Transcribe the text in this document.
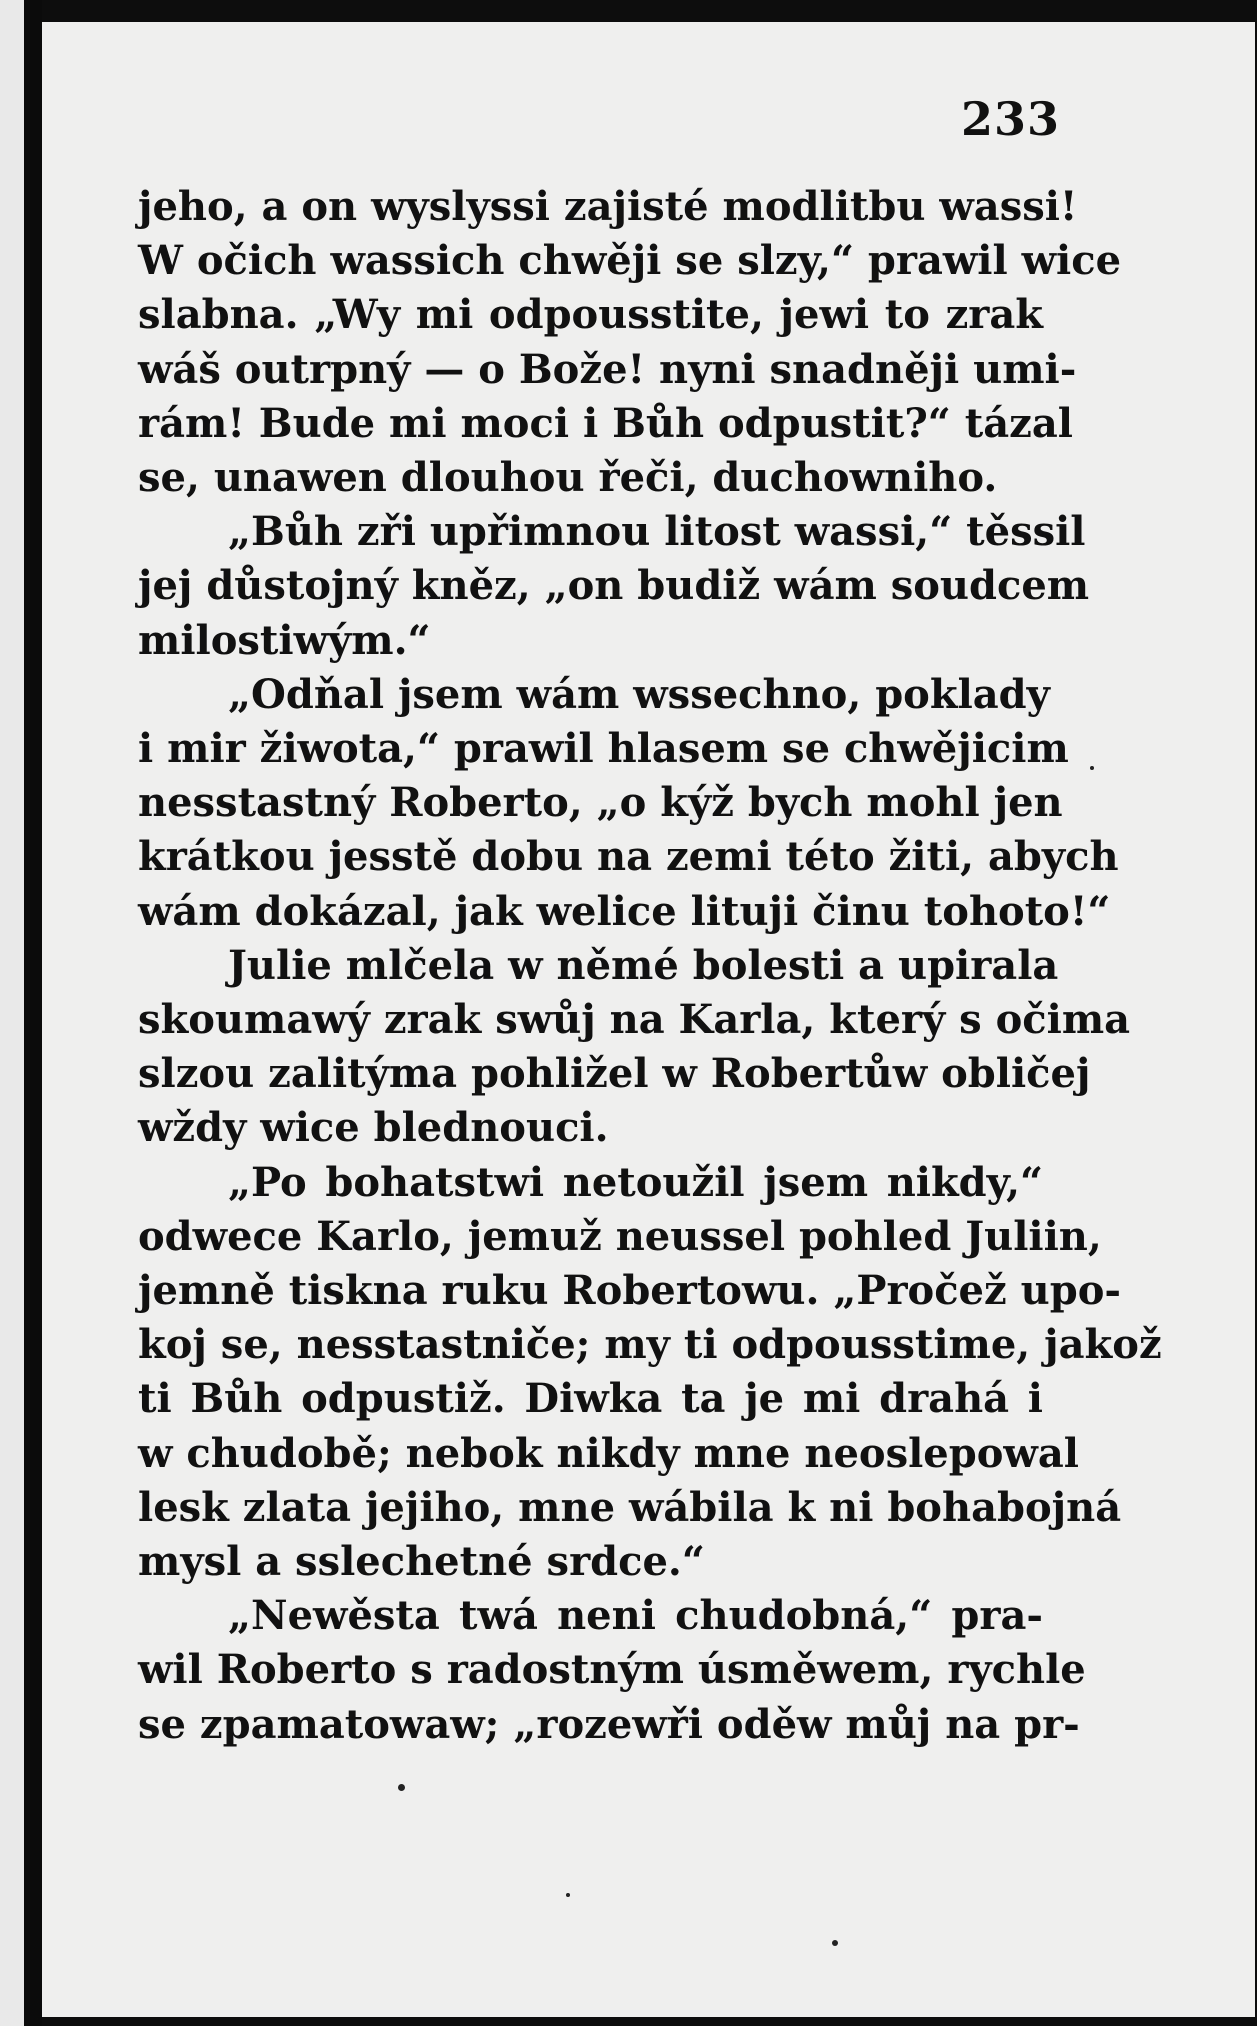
233
jeho, a on wyslyssi zajisté modlitbu wassi!
W očich wassich chwěji se slzy,“ prawil wice
slabna. „Wy mi odpousstite, jewi to zrak
wáš outrpný — o Bože! nyni snadněji umi-
rám! Bude mi moci i Bůh odpustit?“ tázal
se, unawen dlouhou řeči, duchowniho.
„Bůh zři upřimnou litost wassi,“ těssil
jej důstojný kněz, „on budiž wám soudcem
milostiwým.“
„Odňal jsem wám wssechno, poklady
i mir žiwota,“ prawil hlasem se chwějicim
nesstastný Roberto, „o kýž bych mohl jen
krátkou jesstě dobu na zemi této žiti, abych
wám dokázal, jak welice lituji činu tohoto!“
Julie mlčela w němé bolesti a upirala
skoumawý zrak swůj na Karla, který s očima
slzou zalitýma pohližel w Robertůw obličej
wždy wice blednouci.
„Po bohatstwi netoužil jsem nikdy,“
odwece Karlo, jemuž neussel pohled Juliin,
jemně tiskna ruku Robertowu. „Pročež upo-
koj se, nesstastniče; my ti odpousstime, jakož
ti Bůh odpustiž. Diwka ta je mi drahá i
w chudobě; nebok nikdy mne neoslepowal
lesk zlata jejiho, mne wábila k ni bohabojná
mysl a sslechetné srdce.“
„Newěsta twá neni chudobná,“ pra-
wil Roberto s radostným úsměwem, rychle
se zpamatowaw; „rozewři oděw můj na pr-
